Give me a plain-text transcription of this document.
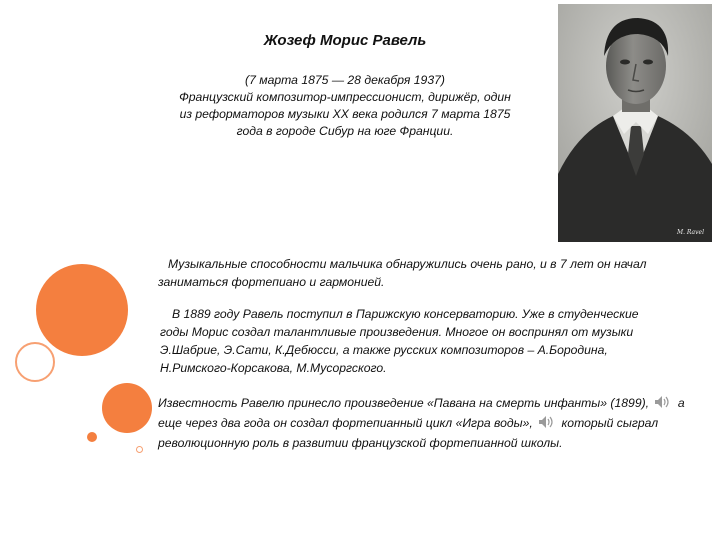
Жозеф Морис Равель

(7 марта 1875 — 28 декабря 1937)
Французский композитор-импрессионист, дирижёр, один
из реформаторов музыки XX века родился 7 марта 1875
года в городе Сибур на юге Франции.

M. Ravel

Музыкальные способности мальчика обнаружились очень рано, и в 7 лет он начал заниматься фортепиано и гармонией.

В 1889 году Равель поступил в Парижскую консерваторию. Уже в студенческие годы Морис создал талантливые произведения. Многое он воспринял от музыки Э.Шабрие, Э.Сати, К.Дебюсси, а также русских композиторов – А.Бородина, Н.Римского-Корсакова, М.Мусоргского.

Известность Равелю принесло произведение «Павана на смерть инфанты» (1899), а еще через два года он создал фортепианный цикл «Игра воды», который сыграл революционную роль в развитии французской фортепианной школы.
